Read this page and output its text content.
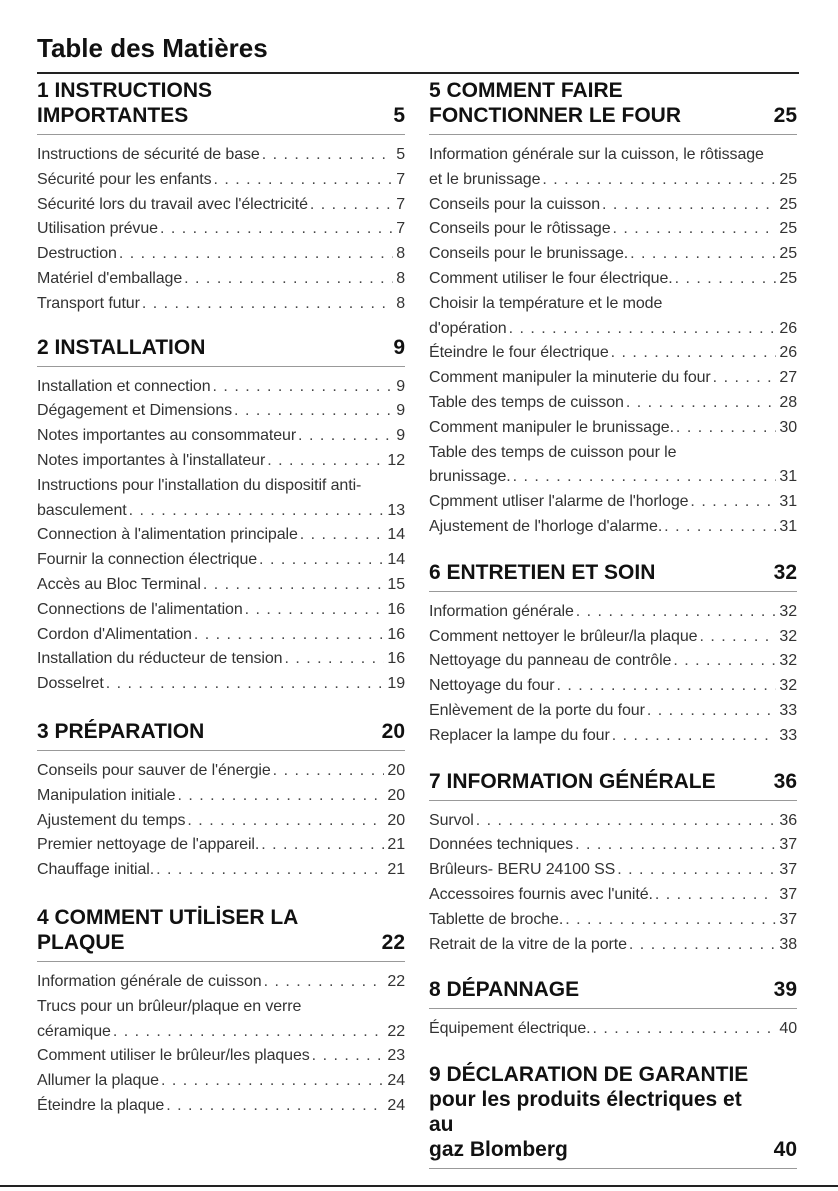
Table des Matières
1 INSTRUCTIONS
IMPORTANTES	5
Instructions de sécurité de base . . .	5
Sécurité pour les enfants . . .	7
Sécurité lors du travail avec l'électricité . . .	7
Utilisation prévue . . .	7
Destruction . . .	8
Matériel d'emballage . . .	8
Transport futur . . .	8
2 INSTALLATION	9
Installation et connection . . .	9
Dégagement et Dimensions . . .	9
Notes importantes au consommateur . . .	9
Notes importantes à l'installateur . . .	12
Instructions pour l'installation du dispositif anti-
basculement . . .	13
Connection à l'alimentation principale . . .	14
Fournir la connection électrique . . .	14
Accès au Bloc Terminal . . .	15
Connections de l'alimentation . . .	16
Cordon d'Alimentation . . .	16
Installation du réducteur de tension . . .	16
Dosselret . . .	19
3 PRÉPARATION	20
Conseils pour sauver de l'énergie . . .	20
Manipulation initiale . . .	20
Ajustement du temps . . .	20
Premier nettoyage de l'appareil. . . .	21
Chauffage initial. . . .	21
4 COMMENT UTİLİSER LA
PLAQUE	22
Information générale de cuisson . . .	22
Trucs pour un brûleur/plaque en verre
céramique . . .	22
Comment utiliser le brûleur/les plaques . . .	23
Allumer la plaque . . .	24
Éteindre la plaque . . .	24
5 COMMENT FAIRE
FONCTIONNER LE FOUR	25
Information générale sur la cuisson, le rôtissage
et le brunissage . . .	25
Conseils pour la cuisson . . .	25
Conseils pour le rôtissage . . .	25
Conseils pour le brunissage. . . .	25
Comment utiliser le four électrique. . . .	25
Choisir la température et le mode
d'opération . . .	26
Éteindre le four électrique . . .	26
Comment manipuler la minuterie du four . . .	27
Table des temps de cuisson . . .	28
Comment manipuler le brunissage. . . .	30
Table des temps de cuisson pour le
brunissage. . . .	31
Cpmment utliser l'alarme de l'horloge . . .	31
Ajustement de l'horloge d'alarme. . . .	31
6 ENTRETIEN ET SOIN	32
Information générale . . .	32
Comment nettoyer le brûleur/la plaque . . .	32
Nettoyage du panneau de contrôle . . .	32
Nettoyage du four . . .	32
Enlèvement de la porte du four . . .	33
Replacer la lampe du four . . .	33
7 INFORMATION GÉNÉRALE	36
Survol . . .	36
Données techniques . . .	37
Brûleurs- BERU 24100 SS . . .	37
Accessoires fournis avec l'unité. . . .	37
Tablette de broche. . . .	37
Retrait de la vitre de la porte . . .	38
8 DÉPANNAGE	39
Équipement électrique. . . .	40
9 DÉCLARATION DE GARANTIE
pour les produits électriques et au
gaz Blomberg	40
